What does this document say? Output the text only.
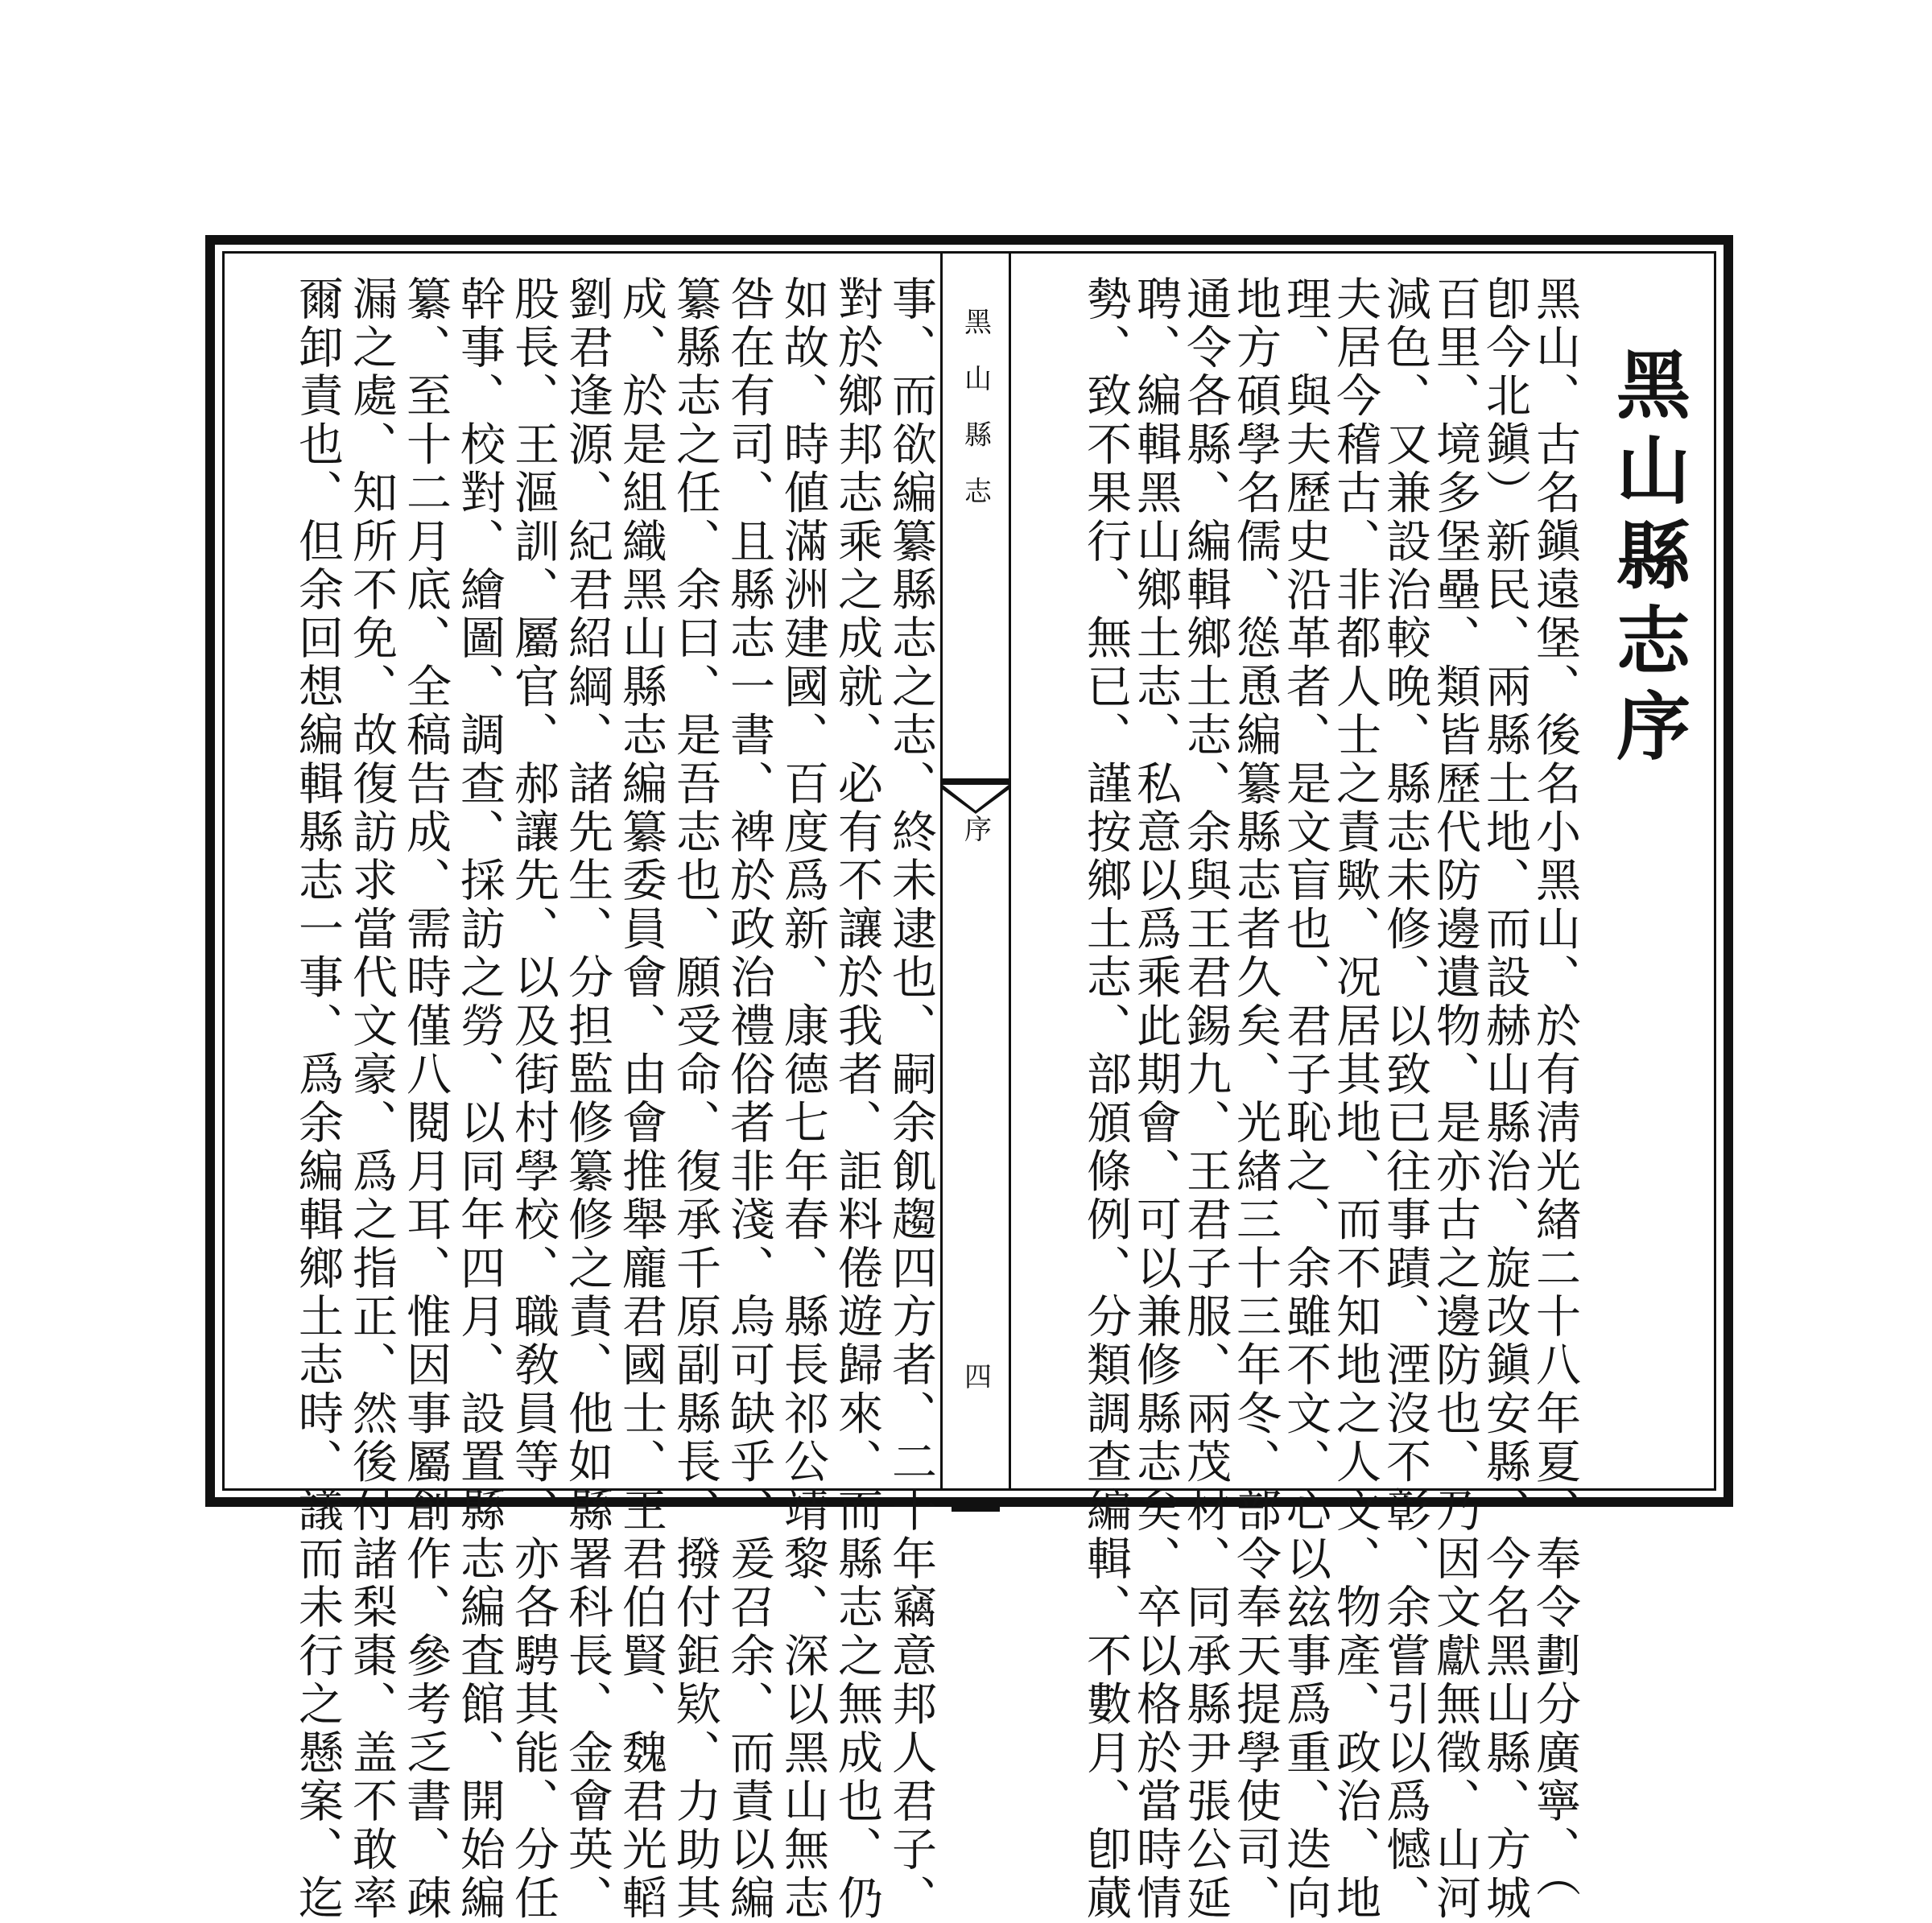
黑山縣志序
黑山、古名鎭遠堡、後名小黑山、於有淸光緖二十八年夏、奉令劃分廣寧、（
卽今北鎭）新民、兩縣土地、而設赫山縣治、旋改鎭安縣、今名黑山縣、方城
百里、境多堡壘、類皆歷代防邊遺物、是亦古之邊防也、乃因文獻無徵、山河
減色、又兼設治較晚、縣志未修、以致已往事蹟、湮沒不彰、余嘗引以爲憾、
夫居今稽古、非都人士之責歟、况居其地、而不知地之人文、物產、政治、地
理、與夫歷史沿革者、是文盲也、君子恥之、余雖不文、心以玆事爲重、迭向
地方碩學名儒、慫恿編纂縣志者久矣、光緖三十三年冬、部令奉天提學使司、
通令各縣、編輯鄉土志、余與王君錫九、王君子服、兩茂材、同承縣尹張公延
聘、編輯黑山鄉土志、私意以爲乘此期會、可以兼修縣志矣、卒以格於當時情
勢、致不果行、無已、謹按鄉土志、部頒條例、分類調查編輯、不數月、卽蕆
黑山縣志
序
四
事、而欲編纂縣志之志、終未逮也、嗣余飢趨四方者、二十年竊意邦人君子、
對於鄉邦志乘之成就、必有不讓於我者、詎料倦遊歸來、而縣志之無成也、仍
如故、時値滿洲建國、百度爲新、康德七年春、縣長祁公靖黎、深以黑山無志
咎在有司、且縣志一書、裨於政治禮俗者非淺、烏可缺乎、爰召余、而責以編
纂縣志之任、余曰、是吾志也、願受命、復承千原副縣長、撥付鉅欵、力助其
成、於是組織黑山縣志編纂委員會、由會推舉龐君國士、王君伯賢、魏君光轁
劉君逢源、紀君紹綱、諸先生、分担監修纂修之責、他如縣署科長、金會英、
股長、王漚訓、屬官、郝讓先、以及街村學校、職敎員等、亦各騁其能、分任
幹事、校對、繪圖、調查、採訪之勞、以同年四月、設置縣志編査館、開始編
纂、至十二月底、全稿告成、需時僅八閱月耳、惟因事屬創作、參考乏書、疎
漏之處、知所不免、故復訪求當代文豪、爲之指正、然後付諸梨棗、盖不敢率
爾卸責也、但余回想編輯縣志一事、爲余編輯鄉土志時、議而未行之懸案、迄
